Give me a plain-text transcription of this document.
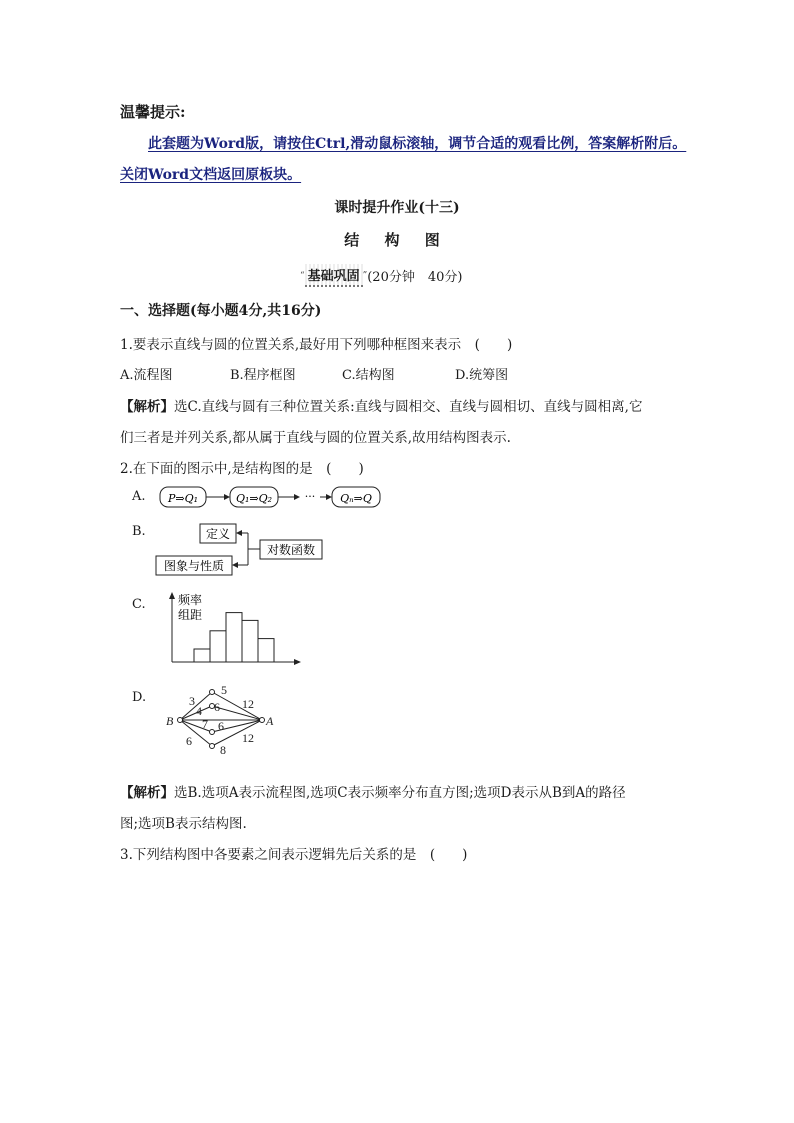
温馨提示:
此套题为Word版，请按住Ctrl,滑动鼠标滚轴，调节合适的观看比例，答案解析附后。
关闭Word文档返回原板块。
课时提升作业(十三)
结 构 图
“ 基础巩固 ” (20分钟　40分)
一、选择题(每小题4分,共16分)
1.要表示直线与圆的位置关系,最好用下列哪种框图来表示　(　　)
A.流程图	B.程序框图	C.结构图	D.统筹图
【解析】选C.直线与圆有三种位置关系:直线与圆相交、直线与圆相切、直线与圆相离,它
们三者是并列关系,都从属于直线与圆的位置关系,故用结构图表示.
2.在下面的图示中,是结构图的是　(　　)
A. P⇒Q₁	Q₁⇒Q₂	··· Qₙ⇒Q
B.	定义
图象与性质
对数函数
C.	频率
组距
D.
B	A
3
5
4 6 12
7 6
6
8
12
【解析】选B.选项A表示流程图,选项C表示频率分布直方图;选项D表示从B到A的路径
图;选项B表示结构图.
3.下列结构图中各要素之间表示逻辑先后关系的是　(　　)
